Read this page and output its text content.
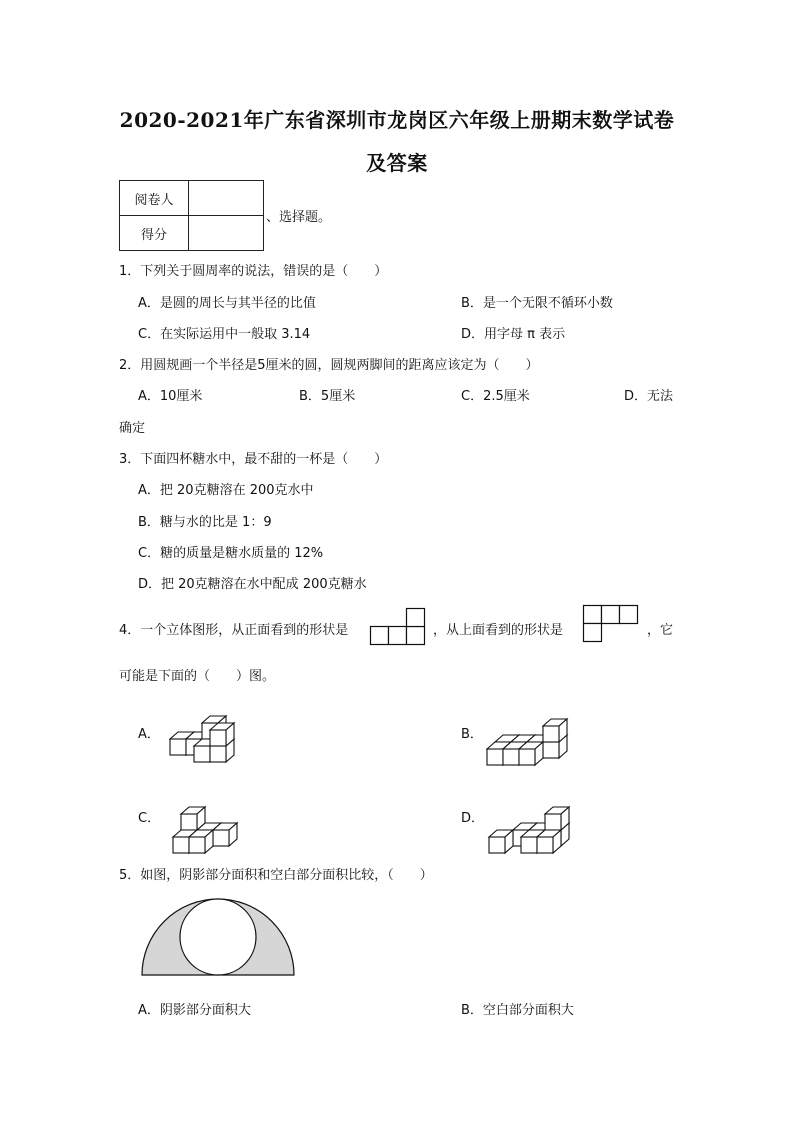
2020-2021年广东省深圳市龙岗区六年级上册期末数学试卷
及答案
阅卷人	
得分	
、选择题。
1．下列关于圆周率的说法，错误的是（　　）
A．是圆的周长与其半径的比值	B．是一个无限不循环小数
C．在实际运用中一般取 3.14	D．用字母 π 表示
2．用圆规画一个半径是5厘米的圆，圆规两脚间的距离应该定为（　　）
A．10厘米	B．5厘米	C．2.5厘米	D．无法
确定
3．下面四杯糖水中，最不甜的一杯是（　　）
A．把 20克糖溶在 200克水中
B．糖与水的比是 1：9
C．糖的质量是糖水质量的 12%
D．把 20克糖溶在水中配成 200克糖水
4．一个立体图形，从正面看到的形状是	，从上面看到的形状是	，它
可能是下面的（　　）图。
A．	B．
C．	D．
5．如图，阴影部分面积和空白部分面积比较，（　　）
A．阴影部分面积大	B．空白部分面积大
